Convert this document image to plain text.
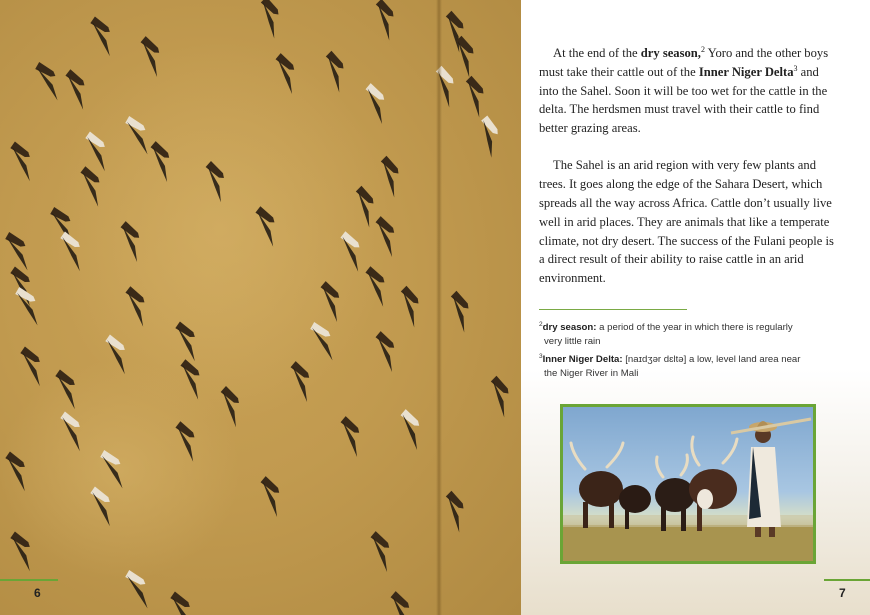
6

At the end of the dry season,$^2$ Yoro and the other boys must take their cattle out of the Inner Niger Delta$^3$ and into the Sahel. Soon it will be too wet for the cattle in the delta. The herdsmen must travel with their cattle to find better grazing areas.

The Sahel is an arid region with very few plants and trees. It goes along the edge of the Sahara Desert, which spreads all the way across Africa. Cattle don’t usually live well in arid places. They are animals that like a temperate climate, not dry desert. The success of the Fulani people is a direct result of their ability to raise cattle in an arid environment.

$^2$dry season: a period of the year in which there is regularly
very little rain
$^3$Inner Niger Delta: [naɪdʒər dɛltə] a low, level land area near
the Niger River in Mali
7
